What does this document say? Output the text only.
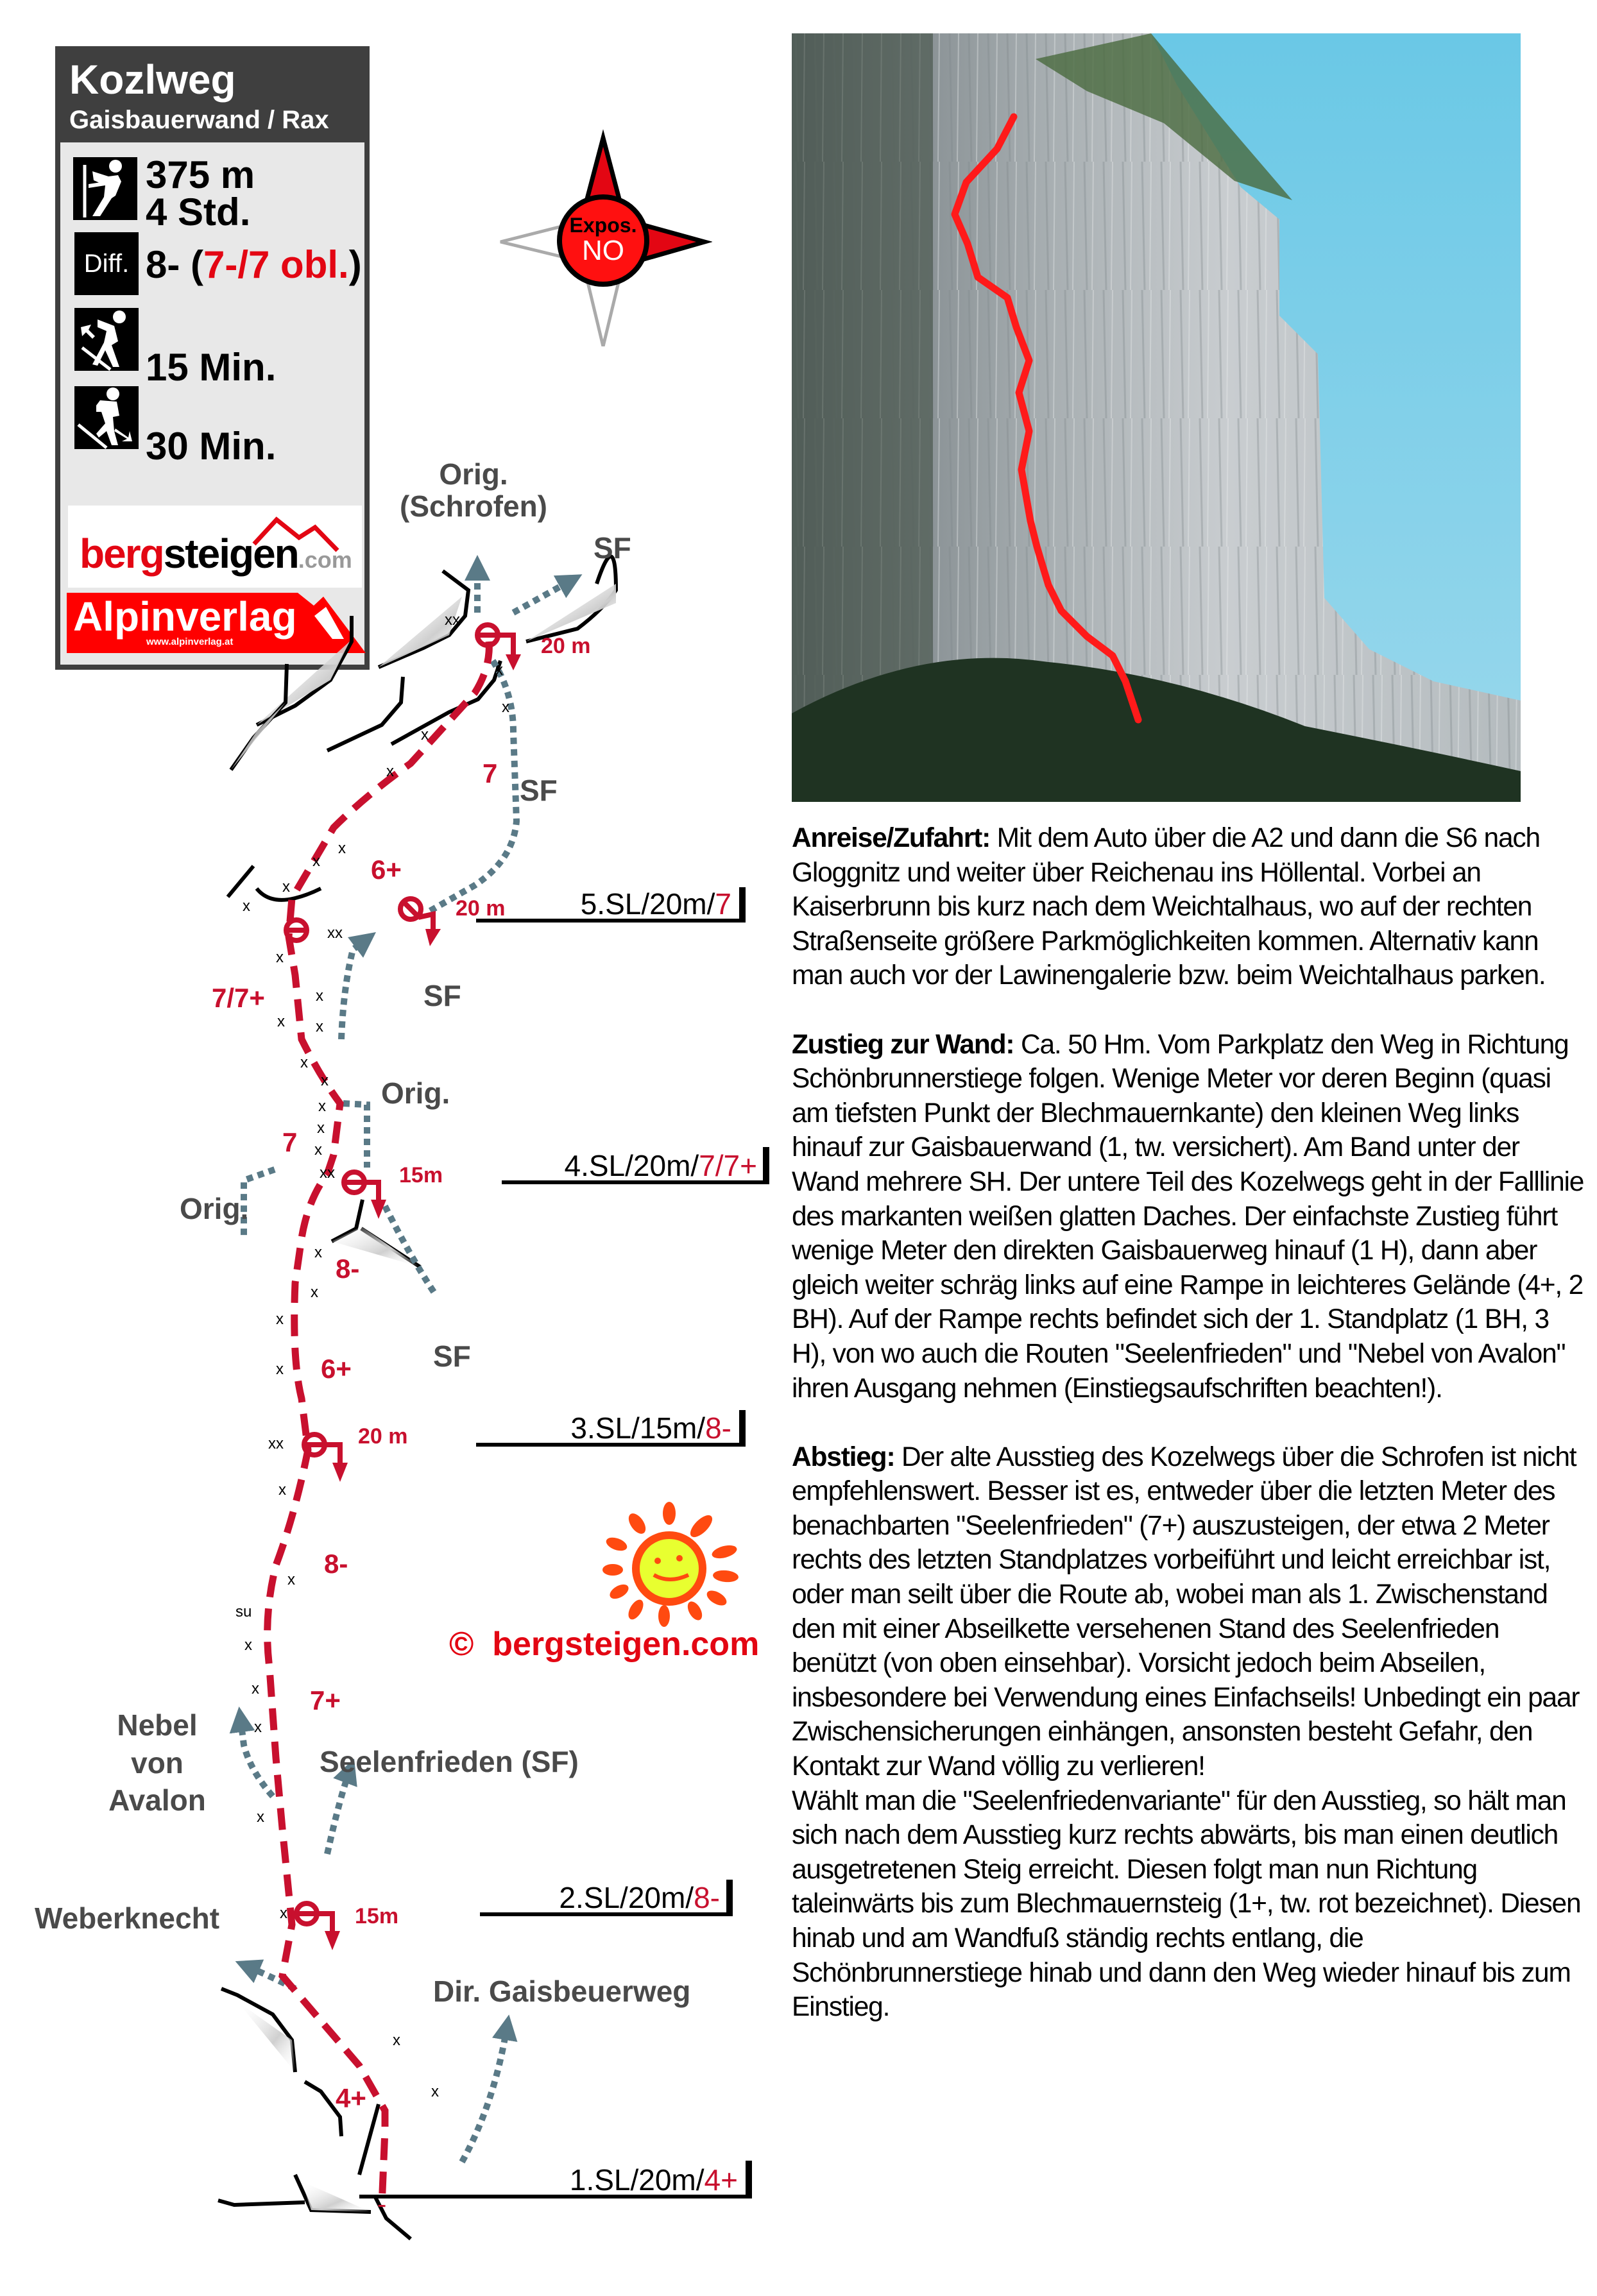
Kozlweg
Gaisbauerwand / Rax
375 m
4 Std.
Diff. 8- (7-/7 obl.)
15 Min.
30 Min.
bergsteigen.com
Alpinverlag
www.alpinverlag.at
Expos.
NO
xx
x
x
x
x
x
x
x
x
xx
x
x
x
x
x
x
x
x
x
xx
x
x
x
x
xx
x
x
su
x
x
x
x
x
x
x
7
6+
7/7+
7
8-
6+
8-
7+
4+
20 m
20 m
15m
20 m
15m
Orig.
(Schrofen)
SF
SF
SF
Orig.
Orig.
SF
Nebel
von
Avalon
Seelenfrieden (SF)
Weberknecht
Dir. Gaisbeuerweg
5.SL/20m/7
4.SL/20m/7/7+
3.SL/15m/8-
2.SL/20m/8-
1.SL/20m/4+
©  bergsteigen.com

Anreise/Zufahrt: Mit dem Auto über die A2 und dann die S6 nach Gloggnitz und weiter über Reichenau ins Höllental. Vorbei an Kaiserbrunn bis kurz nach dem Weichtalhaus, wo auf der rechten Straßenseite größere Parkmöglichkeiten kommen. Alternativ kann man auch vor der Lawinengalerie bzw. beim Weichtalhaus parken.

Zustieg zur Wand: Ca. 50 Hm. Vom Parkplatz den Weg in Richtung Schönbrunnerstiege folgen. Wenige Meter vor deren Beginn (quasi am tiefsten Punkt der Blechmauernkante) den kleinen Weg links hinauf zur Gaisbauerwand (1, tw. versichert). Am Band unter der Wand mehrere SH. Der untere Teil des Kozelwegs geht in der Falllinie des markanten weißen glatten Daches. Der einfachste Zustieg führt wenige Meter den direkten Gaisbauerweg hinauf (1 H), dann aber gleich weiter schräg links auf eine Rampe in leichteres Gelände (4+, 2 BH). Auf der Rampe rechts befindet sich der 1. Standplatz (1 BH, 3 H), von wo auch die Routen "Seelenfrieden" und "Nebel von Avalon" ihren Ausgang nehmen (Einstiegsaufschriften beachten!).

Abstieg: Der alte Ausstieg des Kozelwegs über die Schrofen ist nicht empfehlenswert. Besser ist es, entweder über die letzten Meter des benachbarten "Seelenfrieden" (7+) auszusteigen, der etwa 2 Meter rechts des letzten Standplatzes vorbeiführt und leicht erreichbar ist, oder man seilt über die Route ab, wobei man als 1. Zwischenstand den mit einer Abseilkette versehenen Stand des Seelenfrieden benützt (von oben einsehbar). Vorsicht jedoch beim Abseilen, insbesondere bei Verwendung eines Einfachseils! Unbedingt ein paar Zwischensicherungen einhängen, ansonsten besteht Gefahr, den Kontakt zur Wand völlig zu verlieren!

Wählt man die "Seelenfriedenvariante" für den Ausstieg, so hält man sich nach dem Ausstieg kurz rechts abwärts, bis man einen deutlich ausgetretenen Steig erreicht. Diesen folgt man nun Richtung taleinwärts bis zum Blechmauernsteig (1+, tw. rot bezeichnet). Diesen hinab und am Wandfuß ständig rechts entlang, die Schönbrunnerstiege hinab und dann den Weg wieder hinauf bis zum Einstieg.
